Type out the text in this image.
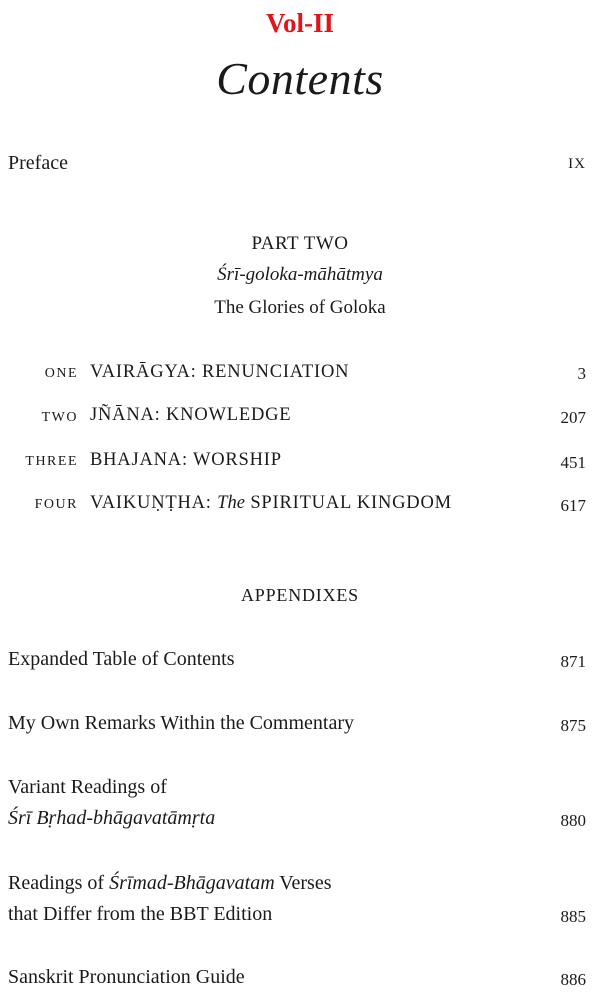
Vol-II
Contents
Preface	IX
PART TWO
Śrī-goloka-māhātmya
The Glories of Goloka
ONE VAIRĀGYA: RENUNCIATION	3
TWO JÑĀNA: KNOWLEDGE	207
THREE BHAJANA: WORSHIP	451
FOUR VAIKUṆṬHA: The SPIRITUAL KINGDOM	617
APPENDIXES
Expanded Table of Contents	871
My Own Remarks Within the Commentary	875
Variant Readings of
Śrī Bṛhad-bhāgavatāmṛta	880
Readings of Śrīmad-Bhāgavatam Verses
that Differ from the BBT Edition	885
Sanskrit Pronunciation Guide	886
